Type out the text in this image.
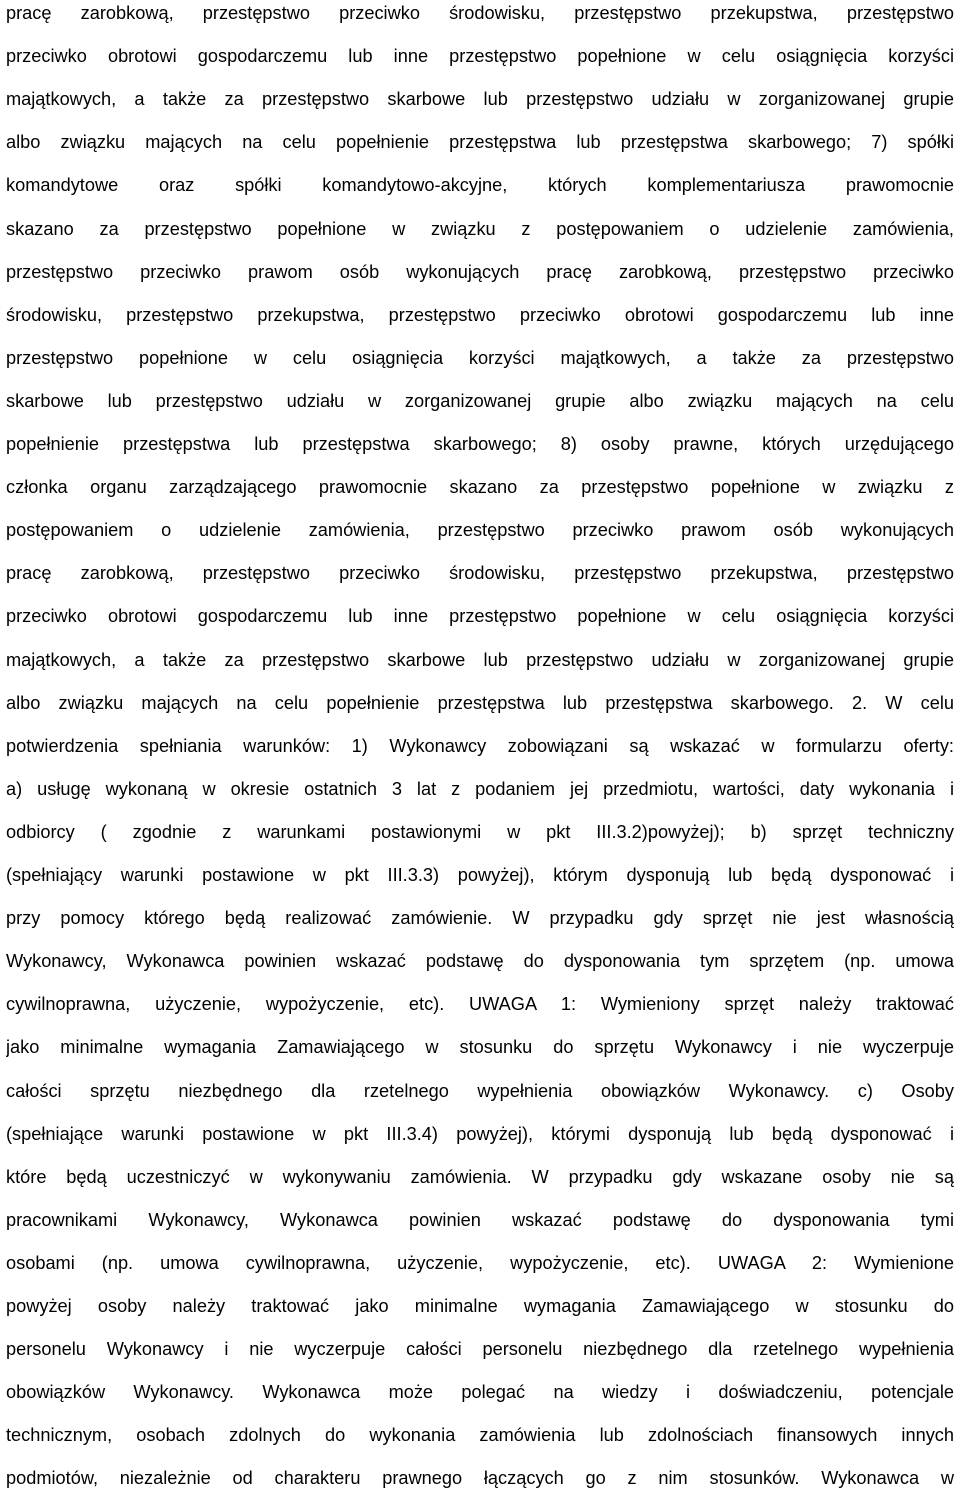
pracę zarobkową, przestępstwo przeciwko środowisku, przestępstwo przekupstwa, przestępstwo

przeciwko obrotowi gospodarczemu lub inne przestępstwo popełnione w celu osiągnięcia korzyści

majątkowych, a także za przestępstwo skarbowe lub przestępstwo udziału w zorganizowanej grupie

albo związku mających na celu popełnienie przestępstwa lub przestępstwa skarbowego; 7) spółki

komandytowe oraz spółki komandytowo-akcyjne, których komplementariusza prawomocnie

skazano za przestępstwo popełnione w związku z postępowaniem o udzielenie zamówienia,

przestępstwo przeciwko prawom osób wykonujących pracę zarobkową, przestępstwo przeciwko

środowisku, przestępstwo przekupstwa, przestępstwo przeciwko obrotowi gospodarczemu lub inne

przestępstwo popełnione w celu osiągnięcia korzyści majątkowych, a także za przestępstwo

skarbowe lub przestępstwo udziału w zorganizowanej grupie albo związku mających na celu

popełnienie przestępstwa lub przestępstwa skarbowego; 8) osoby prawne, których urzędującego

członka organu zarządzającego prawomocnie skazano za przestępstwo popełnione w związku z

postępowaniem o udzielenie zamówienia, przestępstwo przeciwko prawom osób wykonujących

pracę zarobkową, przestępstwo przeciwko środowisku, przestępstwo przekupstwa, przestępstwo

przeciwko obrotowi gospodarczemu lub inne przestępstwo popełnione w celu osiągnięcia korzyści

majątkowych, a także za przestępstwo skarbowe lub przestępstwo udziału w zorganizowanej grupie

albo związku mających na celu popełnienie przestępstwa lub przestępstwa skarbowego. 2. W celu

potwierdzenia spełniania warunków: 1) Wykonawcy zobowiązani są wskazać w formularzu oferty:

a) usługę wykonaną w okresie ostatnich 3 lat z podaniem jej przedmiotu, wartości, daty wykonania i

odbiorcy ( zgodnie z warunkami postawionymi w pkt III.3.2)powyżej); b) sprzęt techniczny

(spełniający warunki postawione w pkt III.3.3) powyżej), którym dysponują lub będą dysponować i

przy pomocy którego będą realizować zamówienie. W przypadku gdy sprzęt nie jest własnością

Wykonawcy, Wykonawca powinien wskazać podstawę do dysponowania tym sprzętem (np. umowa

cywilnoprawna, użyczenie, wypożyczenie, etc). UWAGA 1: Wymieniony sprzęt należy traktować

jako minimalne wymagania Zamawiającego w stosunku do sprzętu Wykonawcy i nie wyczerpuje

całości sprzętu niezbędnego dla rzetelnego wypełnienia obowiązków Wykonawcy. c) Osoby

(spełniające warunki postawione w pkt III.3.4) powyżej), którymi dysponują lub będą dysponować i

które będą uczestniczyć w wykonywaniu zamówienia. W przypadku gdy wskazane osoby nie są

pracownikami Wykonawcy, Wykonawca powinien wskazać podstawę do dysponowania tymi

osobami (np. umowa cywilnoprawna, użyczenie, wypożyczenie, etc). UWAGA 2: Wymienione

powyżej osoby należy traktować jako minimalne wymagania Zamawiającego w stosunku do

personelu Wykonawcy i nie wyczerpuje całości personelu niezbędnego dla rzetelnego wypełnienia

obowiązków Wykonawcy. Wykonawca może polegać na wiedzy i doświadczeniu, potencjale

technicznym, osobach zdolnych do wykonania zamówienia lub zdolnościach finansowych innych

podmiotów, niezależnie od charakteru prawnego łączących go z nim stosunków. Wykonawca w
